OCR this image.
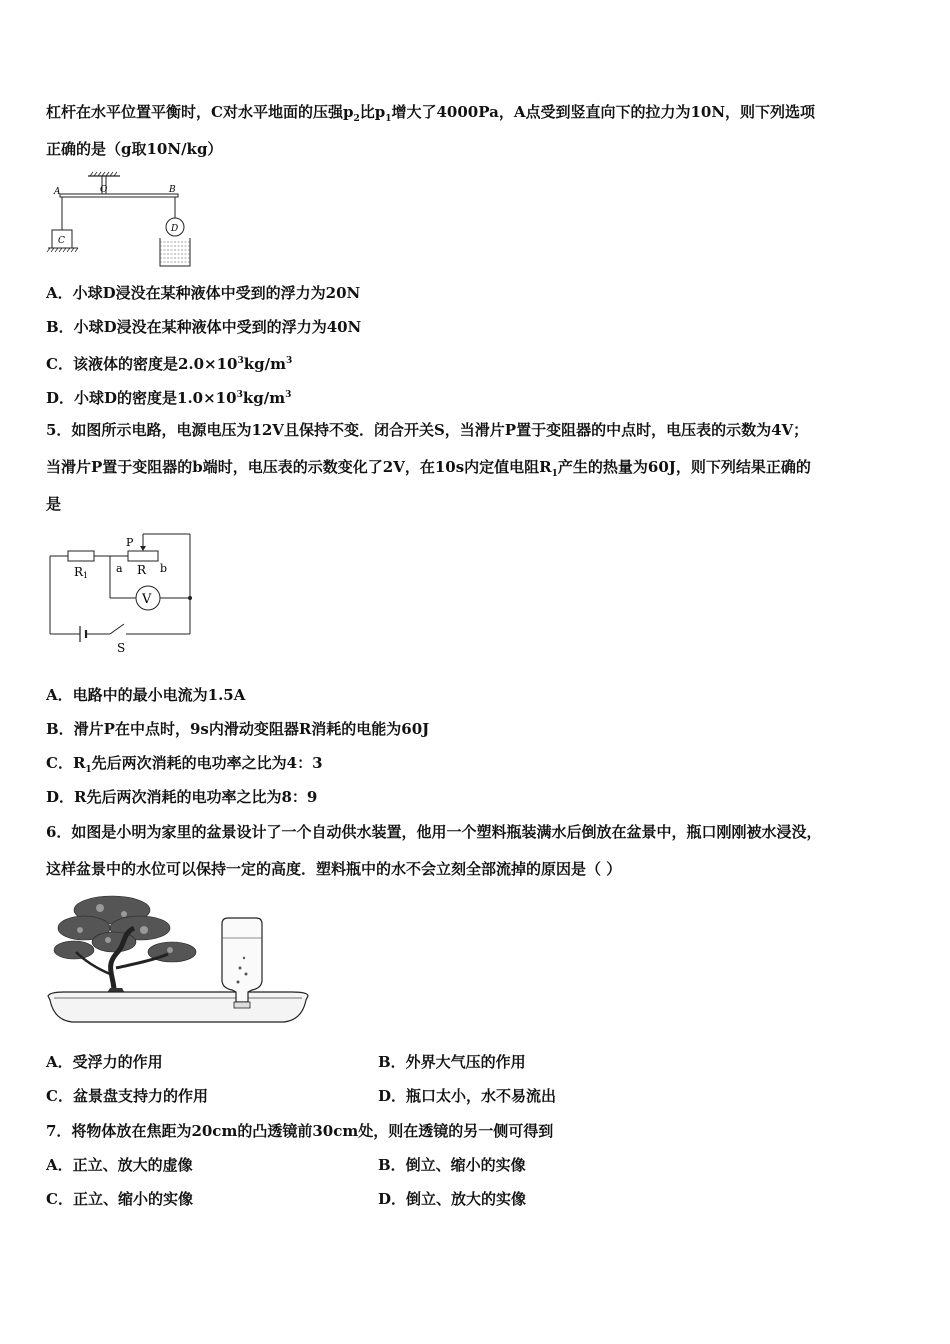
杠杆在水平位置平衡时，C对水平地面的压强$p_2$比$p_1$增大了4000Pa，A点受到竖直向下的拉力为10N，则下列选项
正确的是（g取10N/kg）
A	O	B
C
D
A．小球D浸没在某种液体中受到的浮力为20N
B．小球D浸没在某种液体中受到的浮力为40N
C．该液体的密度是$2.0\times 10^3kg/m^3$
D．小球D的密度是$1.0\times 10^3kg/m^3$
5．如图所示电路，电源电压为12V且保持不变．闭合开关S，当滑片P置于变阻器的中点时，电压表的示数为4V；
当滑片P置于变阻器的b端时，电压表的示数变化了2V，在10s内定值电阻$R_1$产生的热量为60J，则下列结果正确的
是
R1
a R b
P
V
S
A．电路中的最小电流为1.5A
B．滑片P在中点时，9s内滑动变阻器R消耗的电能为60J
C．$R_1$先后两次消耗的电功率之比为4：3
D．R先后两次消耗的电功率之比为8：9
6．如图是小明为家里的盆景设计了一个自动供水装置，他用一个塑料瓶装满水后倒放在盆景中，瓶口刚刚被水浸没，
这样盆景中的水位可以保持一定的高度．塑料瓶中的水不会立刻全部流掉的原因是（ ）
A．受浮力的作用	B．外界大气压的作用
C．盆景盘支持力的作用	D．瓶口太小，水不易流出
7．将物体放在焦距为20cm的凸透镜前30cm处，则在透镜的另一侧可得到
A．正立、放大的虚像	B．倒立、缩小的实像
C．正立、缩小的实像	D．倒立、放大的实像
